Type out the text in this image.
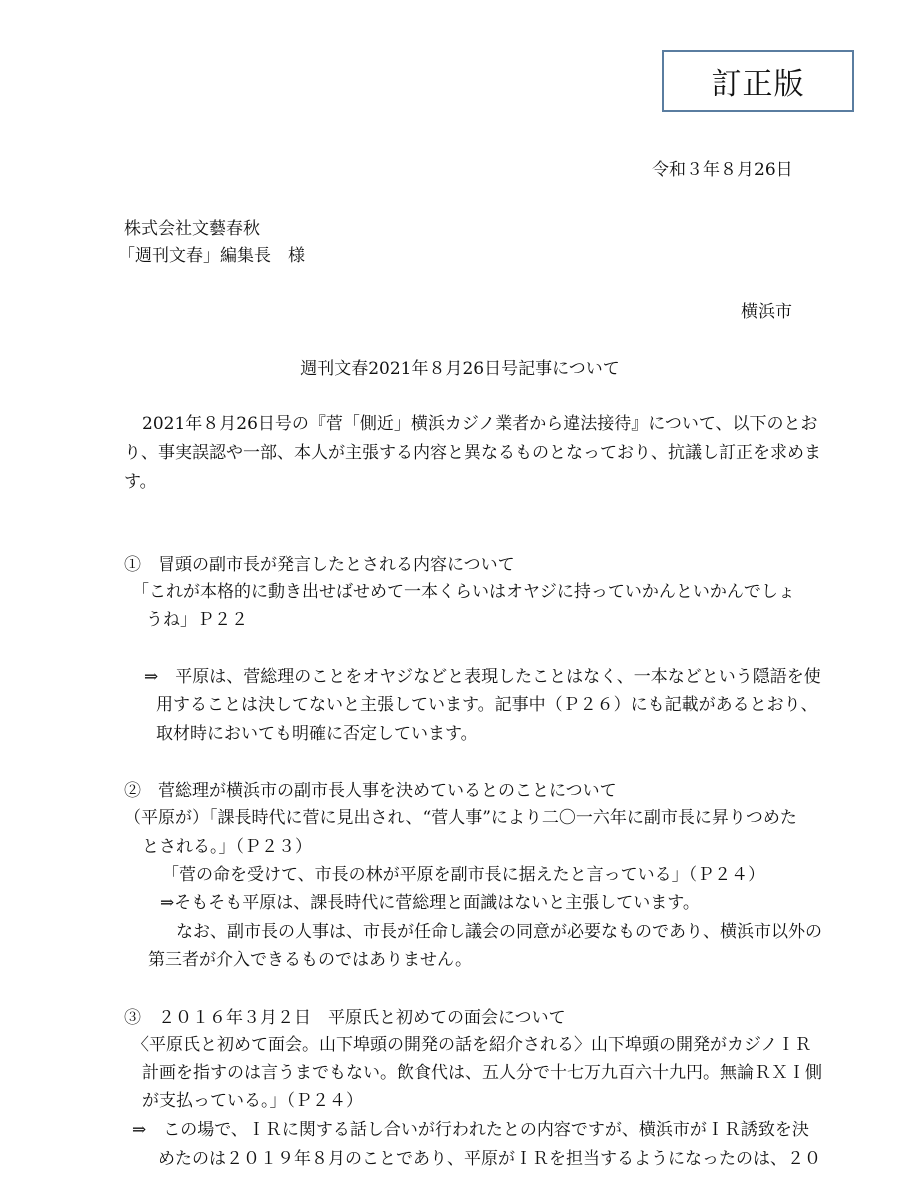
訂正版
令和３年８月26日
株式会社文藝春秋
「週刊文春」編集長　様
横浜市
週刊文春2021年８月26日号記事について
2021年８月26日号の『菅「側近」横浜カジノ業者から違法接待』について、以下のとお
り、事実誤認や一部、本人が主張する内容と異なるものとなっており、抗議し訂正を求めま
す。
①　冒頭の副市長が発言したとされる内容について
「これが本格的に動き出せばせめて一本くらいはオヤジに持っていかんといかんでしょ
うね」Ｐ２２
⇒　平原は、菅総理のことをオヤジなどと表現したことはなく、一本などという隠語を使
用することは決してないと主張しています。記事中（Ｐ２６）にも記載があるとおり、
取材時においても明確に否定しています。
②　菅総理が横浜市の副市長人事を決めているとのことについて
（平原が）「課長時代に菅に見出され、“菅人事”により二〇一六年に副市長に昇りつめた
とされる。」（Ｐ２３）
「菅の命を受けて、市長の林が平原を副市長に据えたと言っている」（Ｐ２４）
⇒そもそも平原は、課長時代に菅総理と面識はないと主張しています。
なお、副市長の人事は、市長が任命し議会の同意が必要なものであり、横浜市以外の
第三者が介入できるものではありません。
③　２０１６年３月２日　平原氏と初めての面会について
〈平原氏と初めて面会。山下埠頭の開発の話を紹介される〉山下埠頭の開発がカジノＩＲ
計画を指すのは言うまでもない。飲食代は、五人分で十七万九百六十九円。無論ＲＸＩ側
が支払っている。」（Ｐ２４）
⇒　この場で、ＩＲに関する話し合いが行われたとの内容ですが、横浜市がＩＲ誘致を決
めたのは２０１９年８月のことであり、平原がＩＲを担当するようになったのは、２０
